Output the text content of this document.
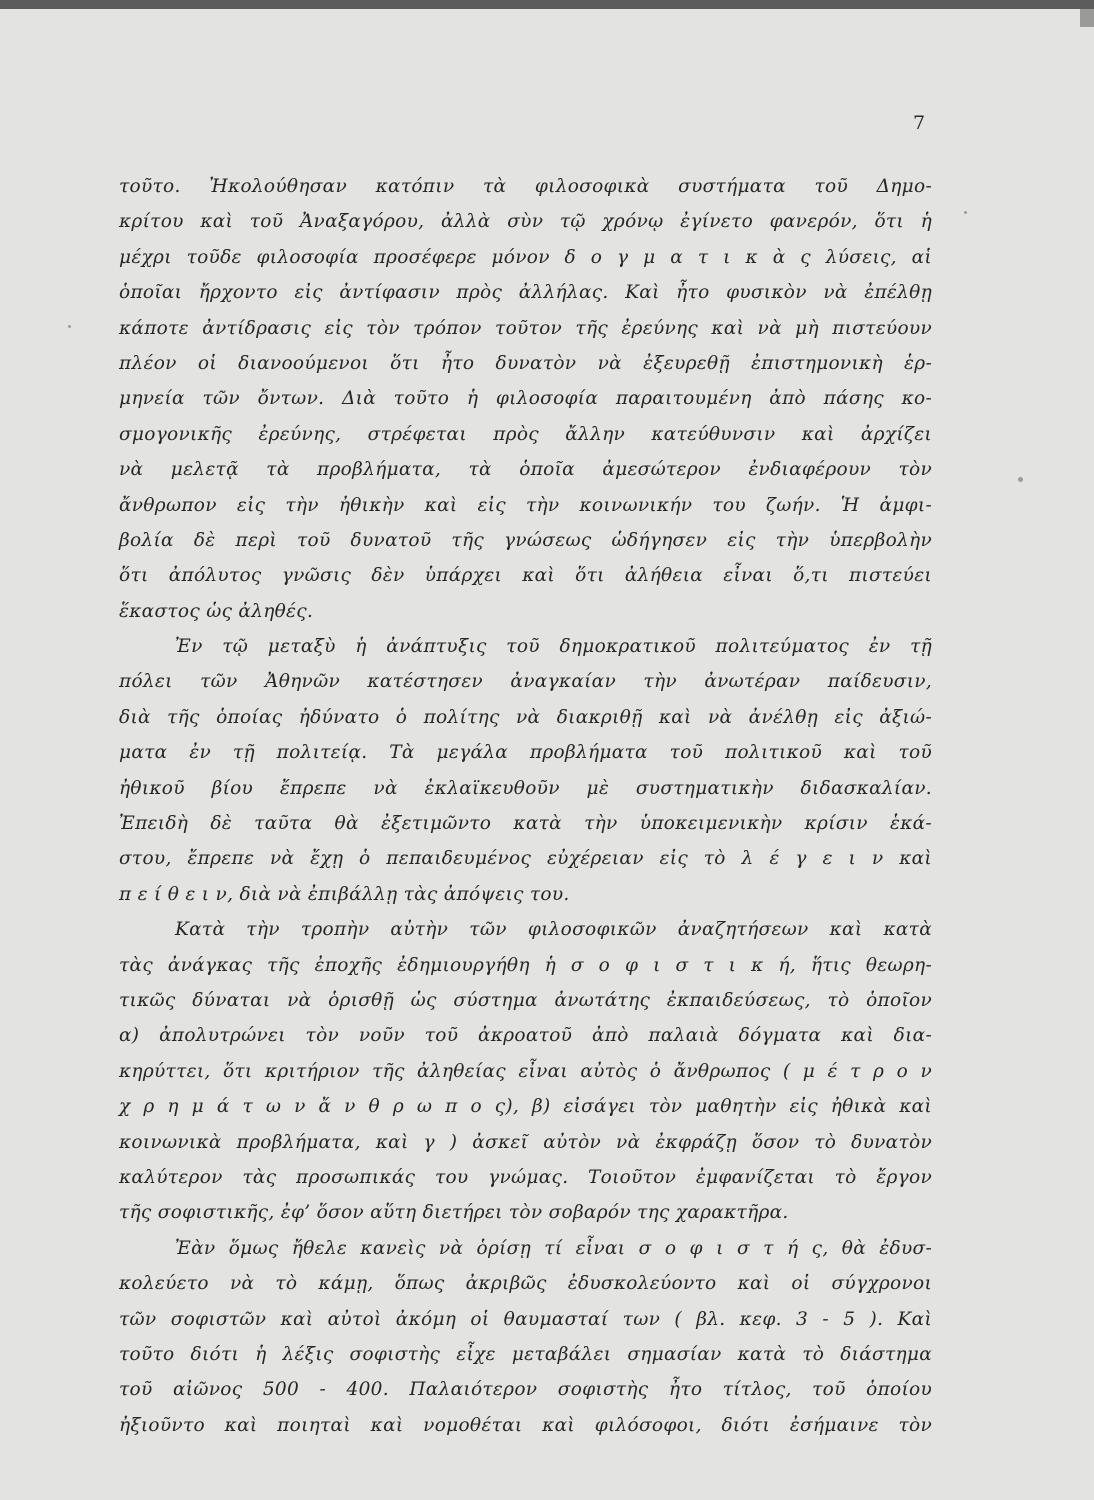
7
τοῦτο. Ἠκολούθησαν κατόπιν τὰ φιλοσοφικὰ συστήματα τοῦ Δημο-
κρίτου καὶ τοῦ Ἀναξαγόρου, ἀλλὰ σὺν τῷ χρόνῳ ἐγίνετο φανερόν, ὅτι ἡ
μέχρι τοῦδε φιλοσοφία προσέφερε μόνον δ ο γ μ α τ ι κ ὰ ς λύσεις, αἱ
ὁποῖαι ἤρχοντο εἰς ἀντίφασιν πρὸς ἀλλήλας. Καὶ ἦτο φυσικὸν νὰ ἐπέλθῃ
κάποτε ἀντίδρασις εἰς τὸν τρόπον τοῦτον τῆς ἐρεύνης καὶ νὰ μὴ πιστεύουν
πλέον οἱ διανοούμενοι ὅτι ἦτο δυνατὸν νὰ ἐξευρεθῇ ἐπιστημονικὴ ἑρ-
μηνεία τῶν ὄντων. Διὰ τοῦτο ἡ φιλοσοφία παραιτουμένη ἀπὸ πάσης κο-
σμογονικῆς ἐρεύνης, στρέφεται πρὸς ἄλλην κατεύθυνσιν καὶ ἀρχίζει
νὰ μελετᾷ τὰ προβλήματα, τὰ ὁποῖα ἀμεσώτερον ἐνδιαφέρουν τὸν
ἄνθρωπον εἰς τὴν ἠθικὴν καὶ εἰς τὴν κοινωνικήν του ζωήν. Ἡ ἀμφι-
βολία δὲ περὶ τοῦ δυνατοῦ τῆς γνώσεως ὡδήγησεν εἰς τὴν ὑπερβολὴν
ὅτι ἀπόλυτος γνῶσις δὲν ὑπάρχει καὶ ὅτι ἀλήθεια εἶναι ὅ,τι πιστεύει
ἕκαστος ὡς ἀληθές.
Ἐν τῷ μεταξὺ ἡ ἀνάπτυξις τοῦ δημοκρατικοῦ πολιτεύματος ἐν τῇ
πόλει τῶν Ἀθηνῶν κατέστησεν ἀναγκαίαν τὴν ἀνωτέραν παίδευσιν,
διὰ τῆς ὁποίας ἠδύνατο ὁ πολίτης νὰ διακριθῇ καὶ νὰ ἀνέλθῃ εἰς ἀξιώ-
ματα ἐν τῇ πολιτείᾳ. Τὰ μεγάλα προβλήματα τοῦ πολιτικοῦ καὶ τοῦ
ἠθικοῦ βίου ἔπρεπε νὰ ἐκλαϊκευθοῦν μὲ συστηματικὴν διδασκαλίαν.
Ἐπειδὴ δὲ ταῦτα θὰ ἐξετιμῶντο κατὰ τὴν ὑποκειμενικὴν κρίσιν ἑκά-
στου, ἔπρεπε νὰ ἔχῃ ὁ πεπαιδευμένος εὐχέρειαν εἰς τὸ λ έ γ ε ι ν καὶ
π ε ί θ ε ι ν, διὰ νὰ ἐπιβάλλῃ τὰς ἀπόψεις του.
Κατὰ τὴν τροπὴν αὐτὴν τῶν φιλοσοφικῶν ἀναζητήσεων καὶ κατὰ
τὰς ἀνάγκας τῆς ἐποχῆς ἐδημιουργήθη ἡ σ ο φ ι σ τ ι κ ή, ἥτις θεωρη-
τικῶς δύναται νὰ ὁρισθῇ ὡς σύστημα ἀνωτάτης ἐκπαιδεύσεως, τὸ ὁποῖον
α) ἀπολυτρώνει τὸν νοῦν τοῦ ἀκροατοῦ ἀπὸ παλαιὰ δόγματα καὶ δια-
κηρύττει, ὅτι κριτήριον τῆς ἀληθείας εἶναι αὐτὸς ὁ ἄνθρωπος ( μ έ τ ρ ο ν
χ ρ η μ ά τ ω ν ἄ ν θ ρ ω π ο ς), β) εἰσάγει τὸν μαθητὴν εἰς ἠθικὰ καὶ
κοινωνικὰ προβλήματα, καὶ γ ) ἀσκεῖ αὐτὸν νὰ ἐκφράζῃ ὅσον τὸ δυνατὸν
καλύτερον τὰς προσωπικάς του γνώμας. Τοιοῦτον ἐμφανίζεται τὸ ἔργον
τῆς σοφιστικῆς, ἐφ’ ὅσον αὕτη διετήρει τὸν σοβαρόν της χαρακτῆρα.
Ἐὰν ὅμως ἤθελε κανεὶς νὰ ὁρίσῃ τί εἶναι σ ο φ ι σ τ ή ς, θὰ ἐδυσ-
κολεύετο νὰ τὸ κάμῃ, ὅπως ἀκριβῶς ἐδυσκολεύοντο καὶ οἱ σύγχρονοι
τῶν σοφιστῶν καὶ αὐτοὶ ἀκόμη οἱ θαυμασταί των ( βλ. κεφ. 3 - 5 ). Καὶ
τοῦτο διότι ἡ λέξις σοφιστὴς εἶχε μεταβάλει σημασίαν κατὰ τὸ διάστημα
τοῦ αἰῶνος 500 - 400. Παλαιότερον σοφιστὴς ἦτο τίτλος, τοῦ ὁποίου
ἠξιοῦντο καὶ ποιηταὶ καὶ νομοθέται καὶ φιλόσοφοι, διότι ἐσήμαινε τὸν
